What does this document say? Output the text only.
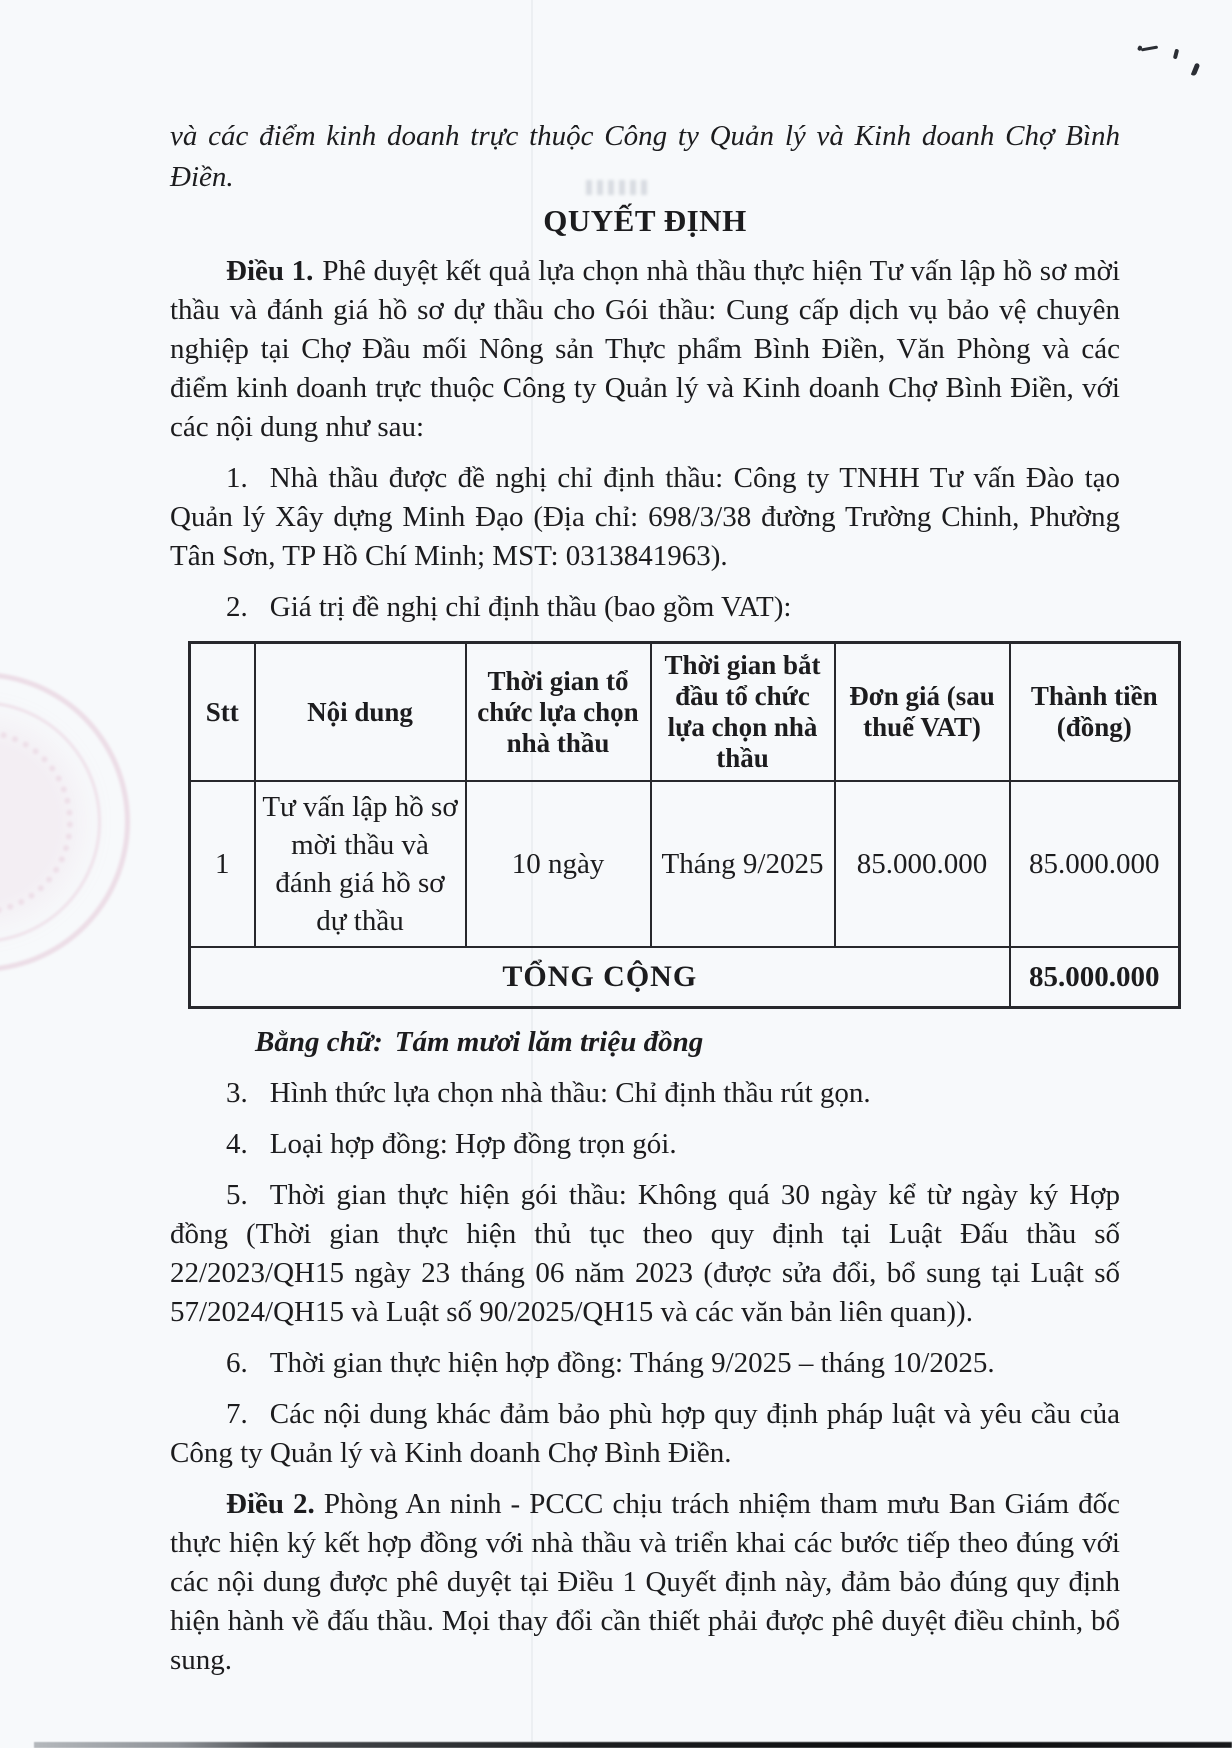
và các điểm kinh doanh trực thuộc Công ty Quản lý và Kinh doanh Chợ Bình Điền.

QUYẾT ĐỊNH

Điều 1. Phê duyệt kết quả lựa chọn nhà thầu thực hiện Tư vấn lập hồ sơ mời thầu và đánh giá hồ sơ dự thầu cho Gói thầu: Cung cấp dịch vụ bảo vệ chuyên nghiệp tại Chợ Đầu mối Nông sản Thực phẩm Bình Điền, Văn Phòng và các điểm kinh doanh trực thuộc Công ty Quản lý và Kinh doanh Chợ Bình Điền, với các nội dung như sau:

1. Nhà thầu được đề nghị chỉ định thầu: Công ty TNHH Tư vấn Đào tạo Quản lý Xây dựng Minh Đạo (Địa chỉ: 698/3/38 đường Trường Chinh, Phường Tân Sơn, TP Hồ Chí Minh; MST: 0313841963).

2. Giá trị đề nghị chỉ định thầu (bao gồm VAT):

Stt	Nội dung	Thời gian tổ chức lựa chọn nhà thầu	Thời gian bắt đầu tổ chức lựa chọn nhà thầu	Đơn giá (sau thuế VAT)	Thành tiền (đồng)
1	Tư vấn lập hồ sơ mời thầu và đánh giá hồ sơ dự thầu	10 ngày	Tháng 9/2025	85.000.000	85.000.000
TỔNG CỘNG					85.000.000

Bằng chữ: Tám mươi lăm triệu đồng

3. Hình thức lựa chọn nhà thầu: Chỉ định thầu rút gọn.

4. Loại hợp đồng: Hợp đồng trọn gói.

5. Thời gian thực hiện gói thầu: Không quá 30 ngày kể từ ngày ký Hợp đồng (Thời gian thực hiện thủ tục theo quy định tại Luật Đấu thầu số 22/2023/QH15 ngày 23 tháng 06 năm 2023 (được sửa đổi, bổ sung tại Luật số 57/2024/QH15 và Luật số 90/2025/QH15 và các văn bản liên quan)).

6. Thời gian thực hiện hợp đồng: Tháng 9/2025 – tháng 10/2025.

7. Các nội dung khác đảm bảo phù hợp quy định pháp luật và yêu cầu của Công ty Quản lý và Kinh doanh Chợ Bình Điền.

Điều 2. Phòng An ninh - PCCC chịu trách nhiệm tham mưu Ban Giám đốc thực hiện ký kết hợp đồng với nhà thầu và triển khai các bước tiếp theo đúng với các nội dung được phê duyệt tại Điều 1 Quyết định này, đảm bảo đúng quy định hiện hành về đấu thầu. Mọi thay đổi cần thiết phải được phê duyệt điều chỉnh, bổ sung.
